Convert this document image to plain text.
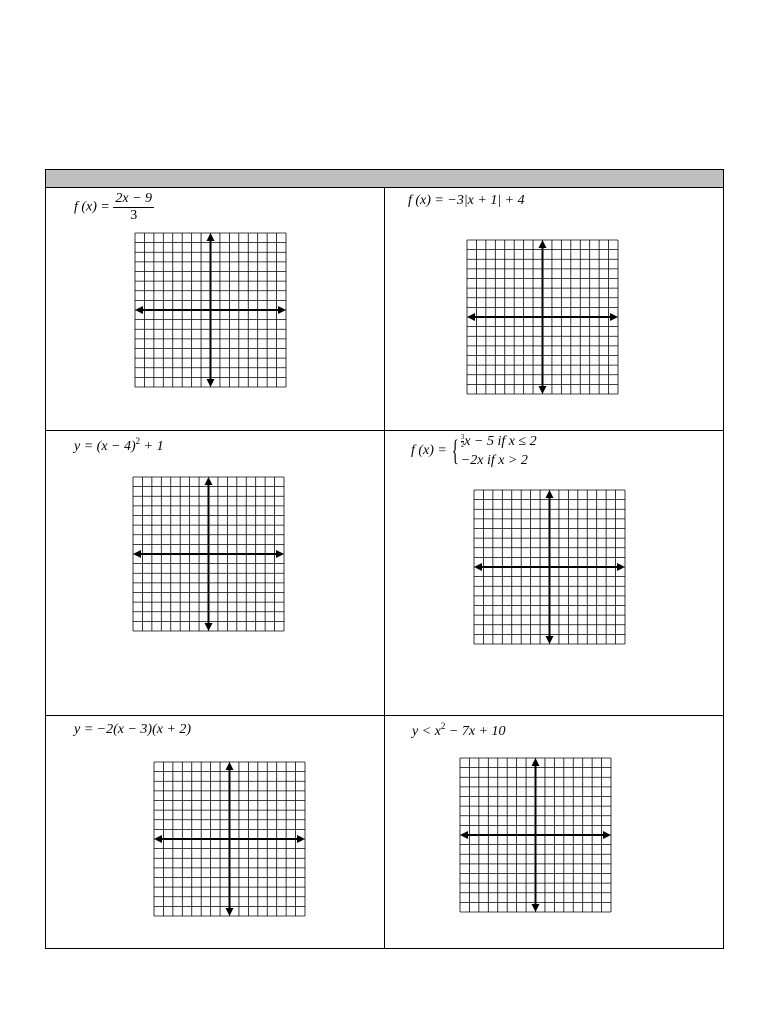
f $(x) = \frac{2x - 9}{3}$	f (x) = −3|x + 1| + 4
$y = (x - 4)^2 + 1$	f (x) = { $\frac{3}{2}$ x − 5 if x ≤ 2
−2x if x > 2
y = −2(x − 3)(x + 2)	$y < x^2 - 7x + 10$
